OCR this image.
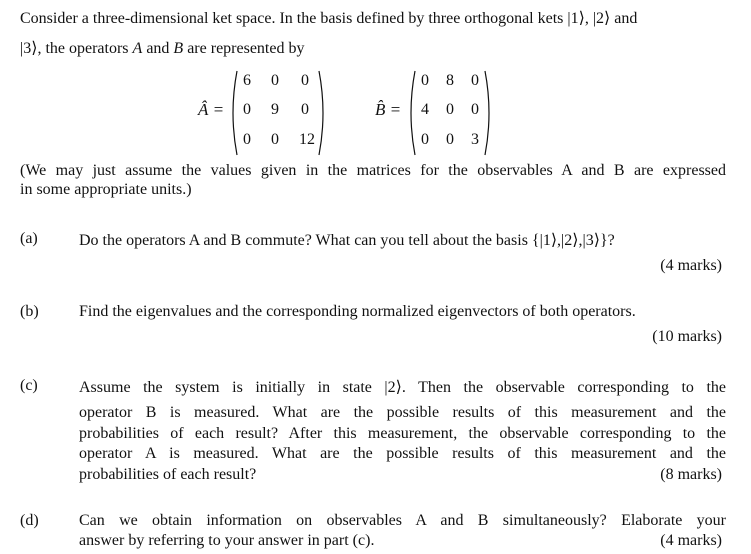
Consider a three-dimensional ket space. In the basis defined by three orthogonal kets |1⟩, |2⟩ and
|3⟩, the operators A and B are represented by
Â =
6	0	0
0	9	0
0	0	12
B̂ =
0	8	0
4	0	0
0	0	3
(We may just assume the values given in the matrices for the observables A and B are expressed
in some appropriate units.)
(a)	Do the operators A and B commute? What can you tell about the basis {|1⟩,|2⟩,|3⟩}?
(4 marks)
(b)	Find the eigenvalues and the corresponding normalized eigenvectors of both operators.
(10 marks)
(c)	Assume the system is initially in state |2⟩. Then the observable corresponding to the
operator B is measured. What are the possible results of this measurement and the
probabilities of each result? After this measurement, the observable corresponding to the
operator A is measured. What are the possible results of this measurement and the
probabilities of each result?	(8 marks)
(d)	Can we obtain information on observables A and B simultaneously? Elaborate your
answer by referring to your answer in part (c).	(4 marks)
